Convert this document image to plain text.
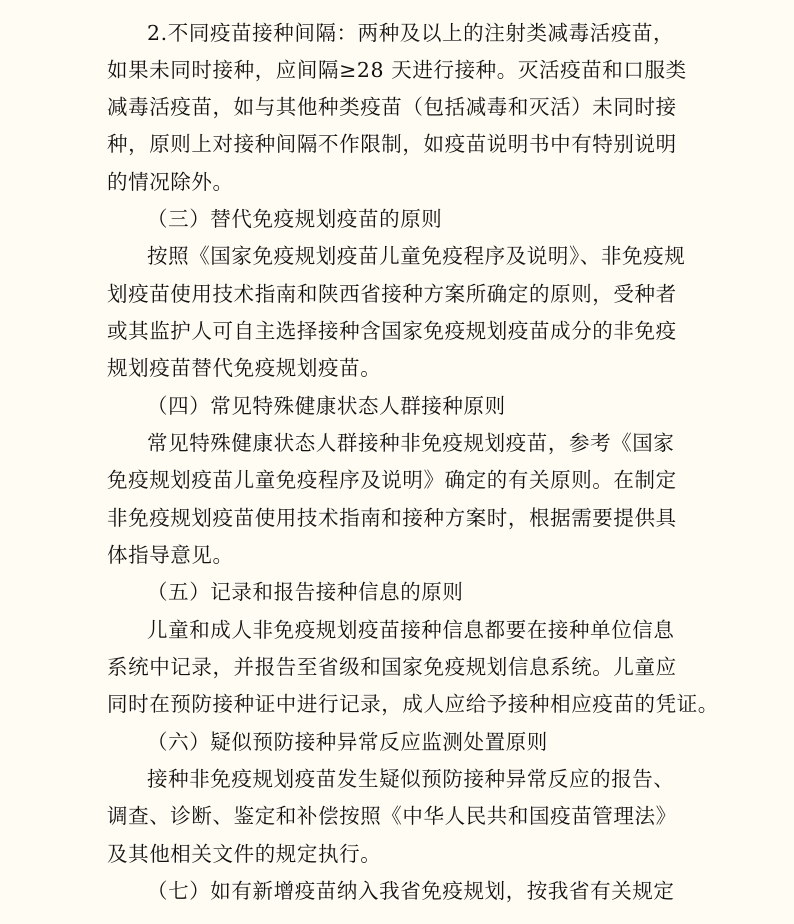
2.不同疫苗接种间隔：两种及以上的注射类减毒活疫苗，
如果未同时接种，应间隔≥28 天进行接种。灭活疫苗和口服类
减毒活疫苗，如与其他种类疫苗（包括减毒和灭活）未同时接
种，原则上对接种间隔不作限制，如疫苗说明书中有特别说明
的情况除外。
（三）替代免疫规划疫苗的原则
按照《国家免疫规划疫苗儿童免疫程序及说明》、非免疫规
划疫苗使用技术指南和陕西省接种方案所确定的原则，受种者
或其监护人可自主选择接种含国家免疫规划疫苗成分的非免疫
规划疫苗替代免疫规划疫苗。
（四）常见特殊健康状态人群接种原则
常见特殊健康状态人群接种非免疫规划疫苗，参考《国家
免疫规划疫苗儿童免疫程序及说明》确定的有关原则。在制定
非免疫规划疫苗使用技术指南和接种方案时，根据需要提供具
体指导意见。
（五）记录和报告接种信息的原则
儿童和成人非免疫规划疫苗接种信息都要在接种单位信息
系统中记录，并报告至省级和国家免疫规划信息系统。儿童应
同时在预防接种证中进行记录，成人应给予接种相应疫苗的凭证。
（六）疑似预防接种异常反应监测处置原则
接种非免疫规划疫苗发生疑似预防接种异常反应的报告、
调查、诊断、鉴定和补偿按照《中华人民共和国疫苗管理法》
及其他相关文件的规定执行。
（七）如有新增疫苗纳入我省免疫规划，按我省有关规定
